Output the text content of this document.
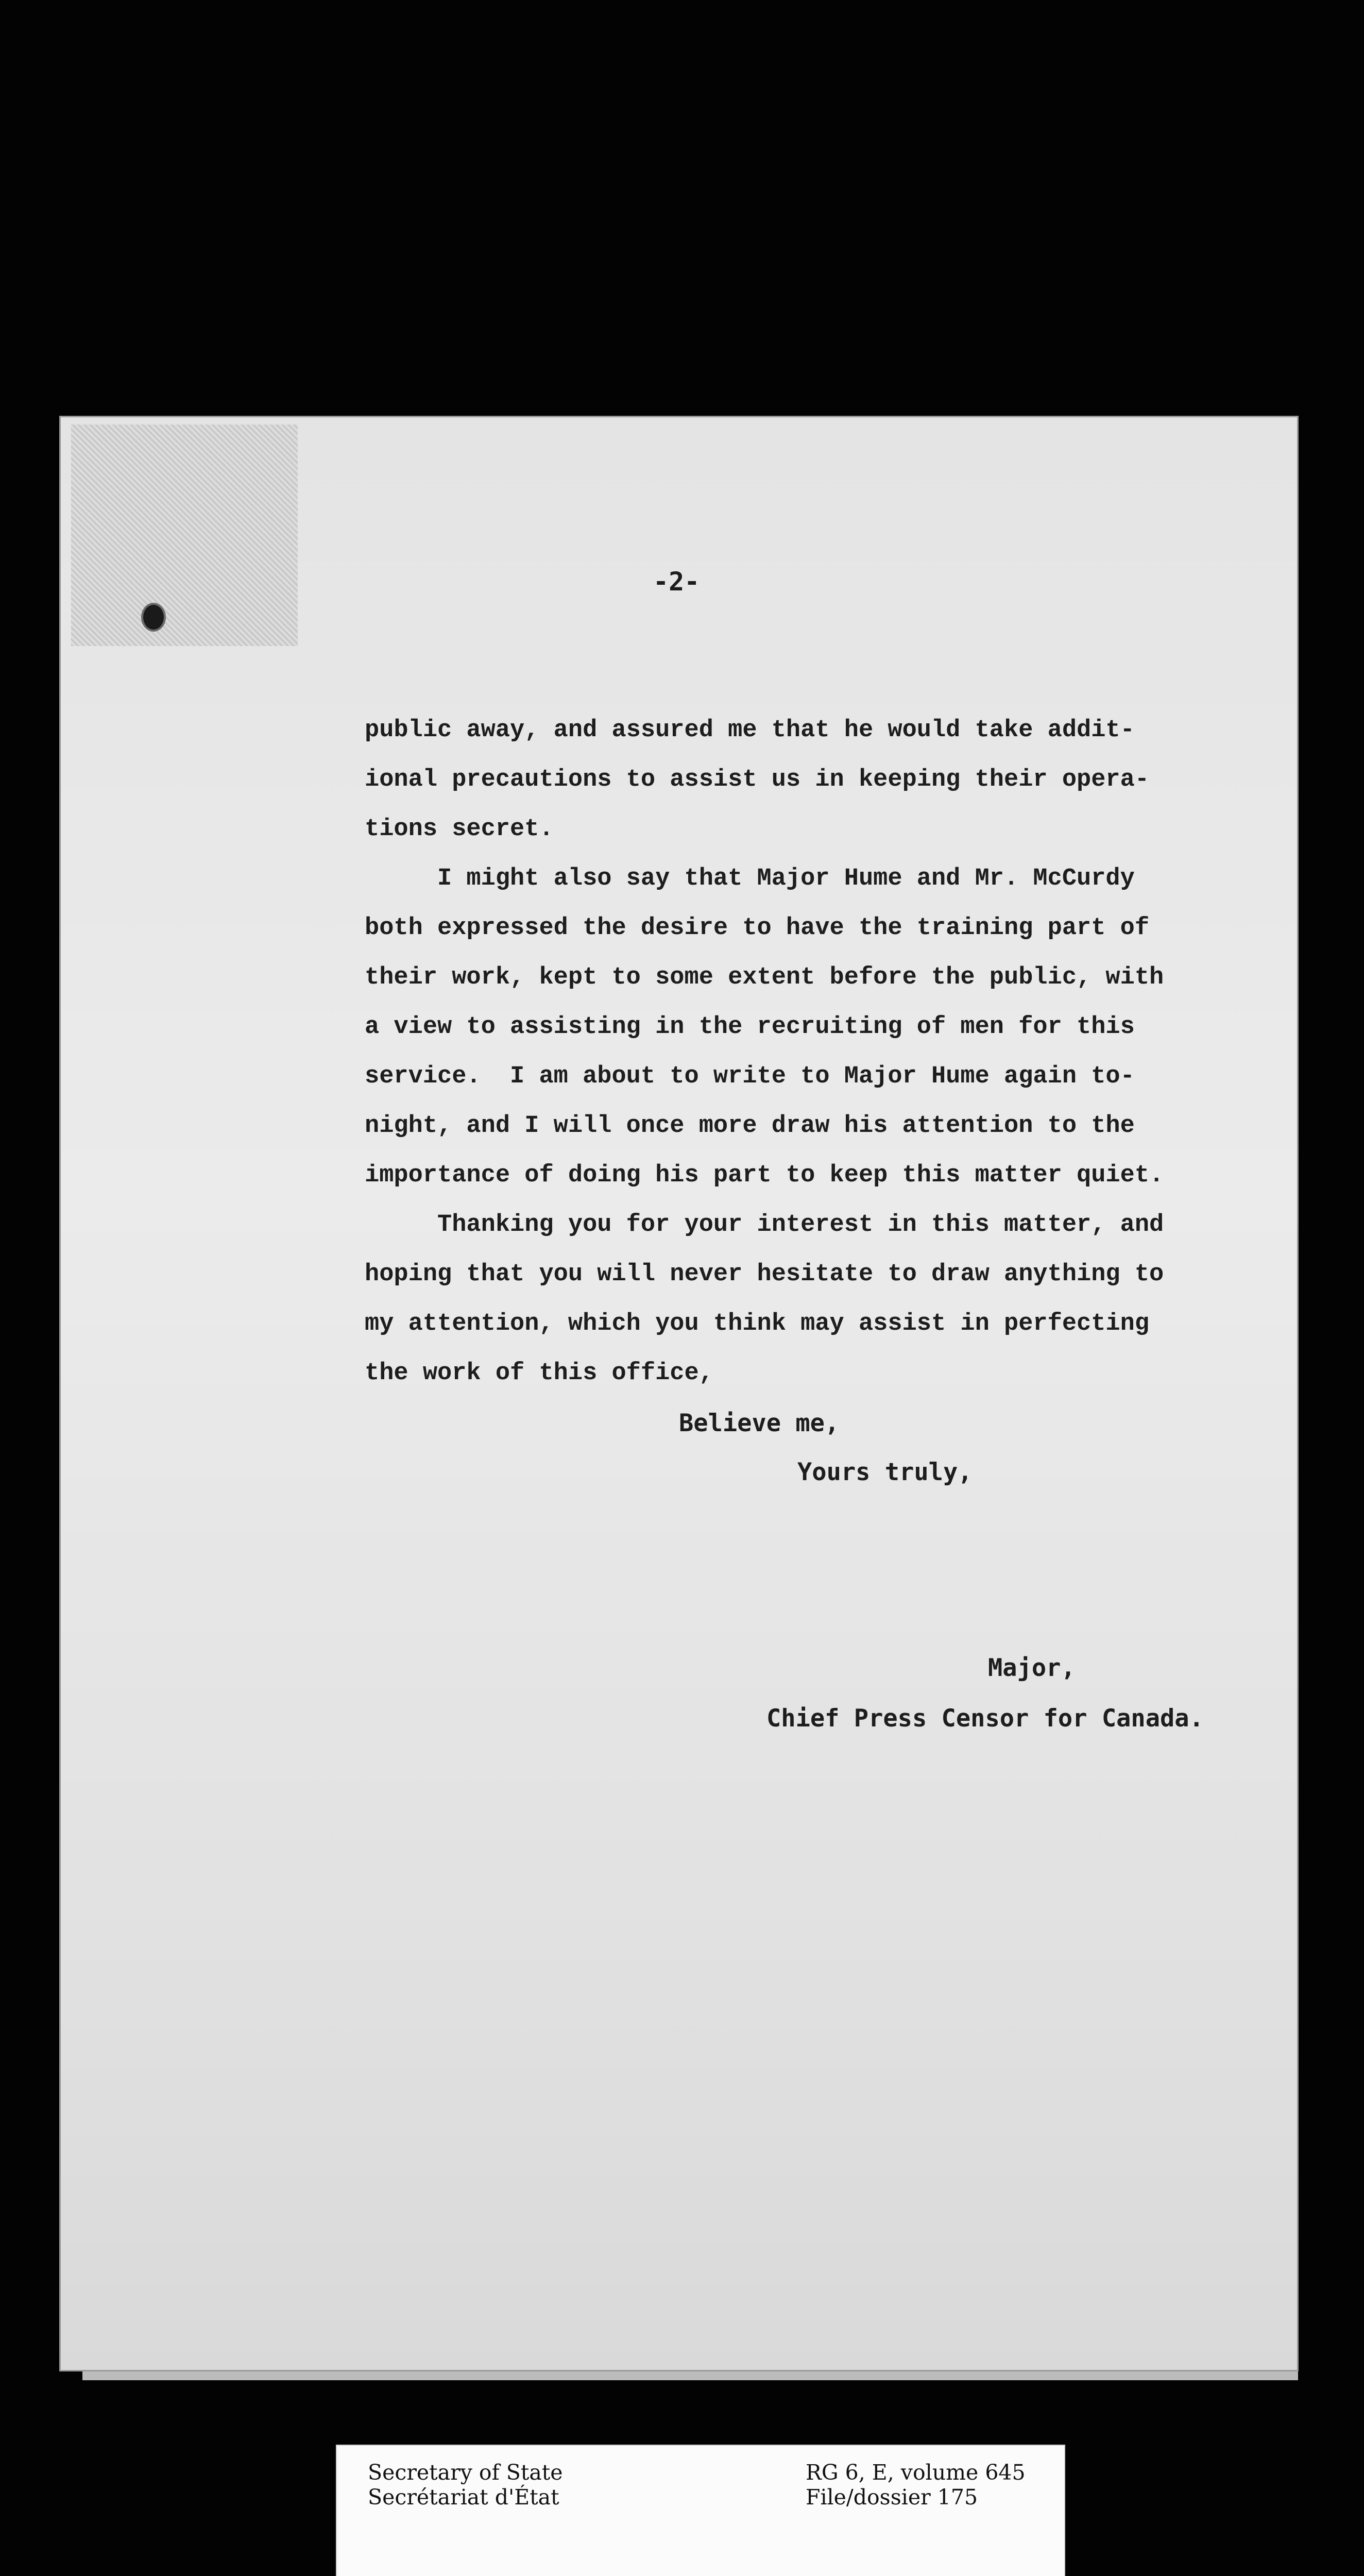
-2-
public away, and assured me that he would take addit-
ional precautions to assist us in keeping their opera-
tions secret.
I might also say that Major Hume and Mr. McCurdy
both expressed the desire to have the training part of
their work, kept to some extent before the public, with
a view to assisting in the recruiting of men for this
service.  I am about to write to Major Hume again to-
night, and I will once more draw his attention to the
importance of doing his part to keep this matter quiet.
Thanking you for your interest in this matter, and
hoping that you will never hesitate to draw anything to
my attention, which you think may assist in perfecting
the work of this office,
Believe me,
Yours truly,
Major,
Chief Press Censor for Canada.
Secretary of State
Secrétariat d'État
RG 6, E, volume 645
File/dossier 175
